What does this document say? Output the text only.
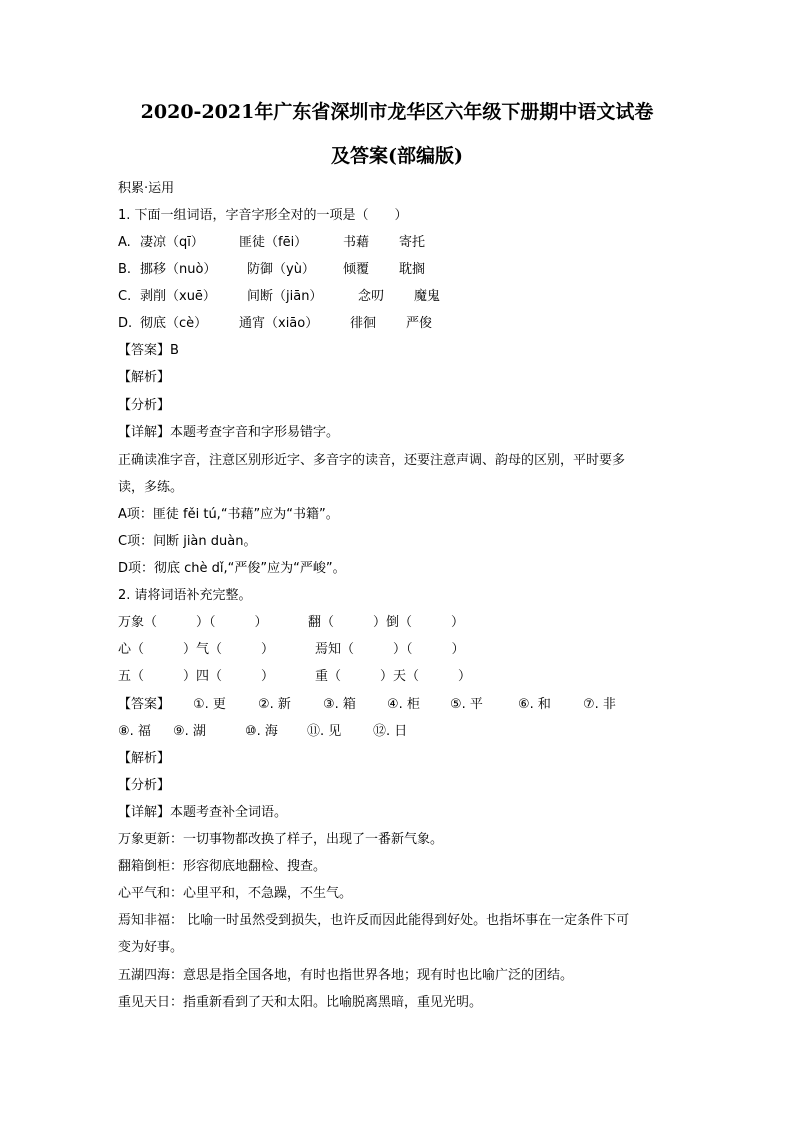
2020-2021年广东省深圳市龙华区六年级下册期中语文试卷
及答案(部编版)
积累·运用
1. 下面一组词语，字音字形全对的一项是（　　）
A. 凄凉（qī）	匪徒（fēi）	书藉 寄托
B. 挪移（nuò） 防御（yù） 倾覆 耽搁
C. 剥削（xuē） 间断（jiān）	念叨 魔鬼
D. 彻底（cè） 通宵（xiāo） 徘徊 严俊
【答案】B
【解析】
【分析】
【详解】本题考查字音和字形易错字。
正确读准字音，注意区别形近字、多音字的读音，还要注意声调、韵母的区别，平时要多
读，多练。
A项：匪徒 fěi tú,“书藉”应为“书籍”。
C项：间断 jiàn duàn。
D项：彻底 chè dǐ,“严俊”应为“严峻”。
2. 请将词语补充完整。
万象（　　　）（　　　）	翻（　　　）倒（　　　）
心（　　　）气（　　　）	焉知（　　　）（　　　）
五（　　　）四（　　　）	重（　　　）天（　　　）
【答案】 ①. 更 ②. 新 ③. 箱 ④. 柜 ⑤. 平	⑥. 和 ⑦. 非
⑧. 福 ⑨. 湖	⑩. 海 ⑪. 见 ⑫. 日
【解析】
【分析】
【详解】本题考查补全词语。
万象更新：一切事物都改换了样子，出现了一番新气象。
翻箱倒柜：形容彻底地翻检、搜查。
心平气和：心里平和，不急躁，不生气。
焉知非福： 比喻一时虽然受到损失，也许反而因此能得到好处。也指坏事在一定条件下可
变为好事。
五湖四海：意思是指全国各地，有时也指世界各地；现有时也比喻广泛的团结。
重见天日：指重新看到了天和太阳。比喻脱离黑暗，重见光明。
